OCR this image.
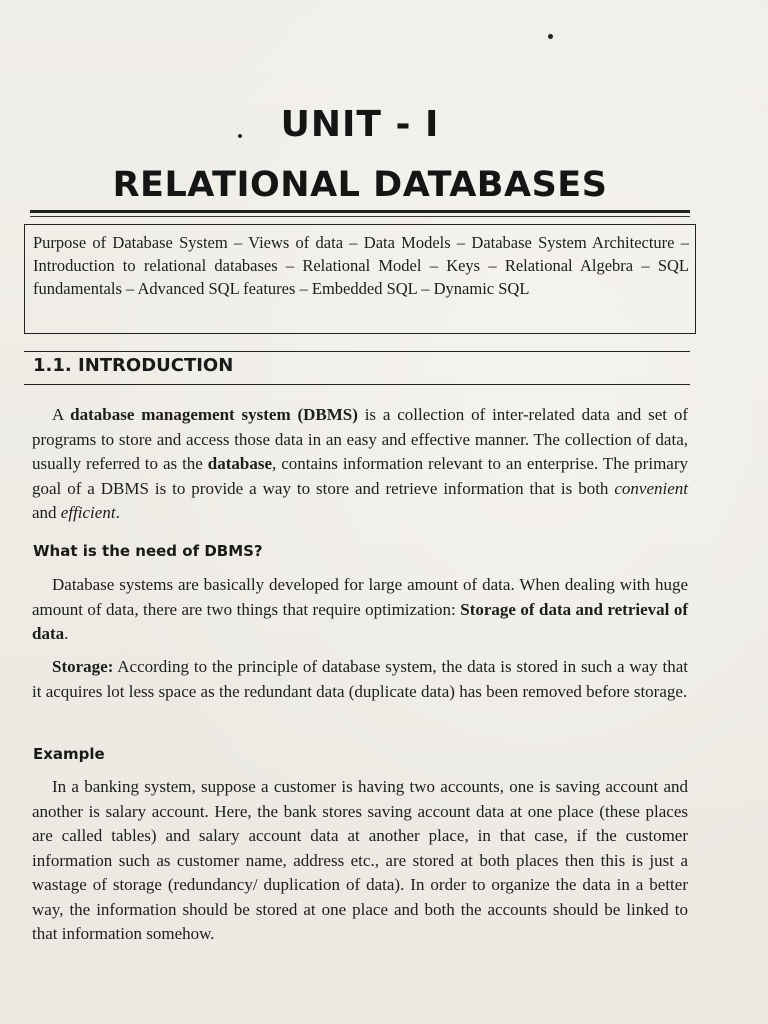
UNIT - I
RELATIONAL DATABASES
Purpose of Database System – Views of data – Data Models – Database System Architecture – Introduction to relational databases – Relational Model – Keys – Relational Algebra – SQL fundamentals – Advanced SQL features – Embedded SQL – Dynamic SQL
1.1. INTRODUCTION
A database management system (DBMS) is a collection of inter-related data and set of programs to store and access those data in an easy and effective manner. The collection of data, usually referred to as the database, contains information relevant to an enterprise. The primary goal of a DBMS is to provide a way to store and retrieve information that is both convenient and efficient.
What is the need of DBMS?
Database systems are basically developed for large amount of data. When dealing with huge amount of data, there are two things that require optimization: Storage of data and retrieval of data.
Storage: According to the principle of database system, the data is stored in such a way that it acquires lot less space as the redundant data (duplicate data) has been removed before storage.
Example
In a banking system, suppose a customer is having two accounts, one is saving account and another is salary account. Here, the bank stores saving account data at one place (these places are called tables) and salary account data at another place, in that case, if the customer information such as customer name, address etc., are stored at both places then this is just a wastage of storage (redundancy/ duplication of data). In order to organize the data in a better way, the information should be stored at one place and both the accounts should be linked to that information somehow.
